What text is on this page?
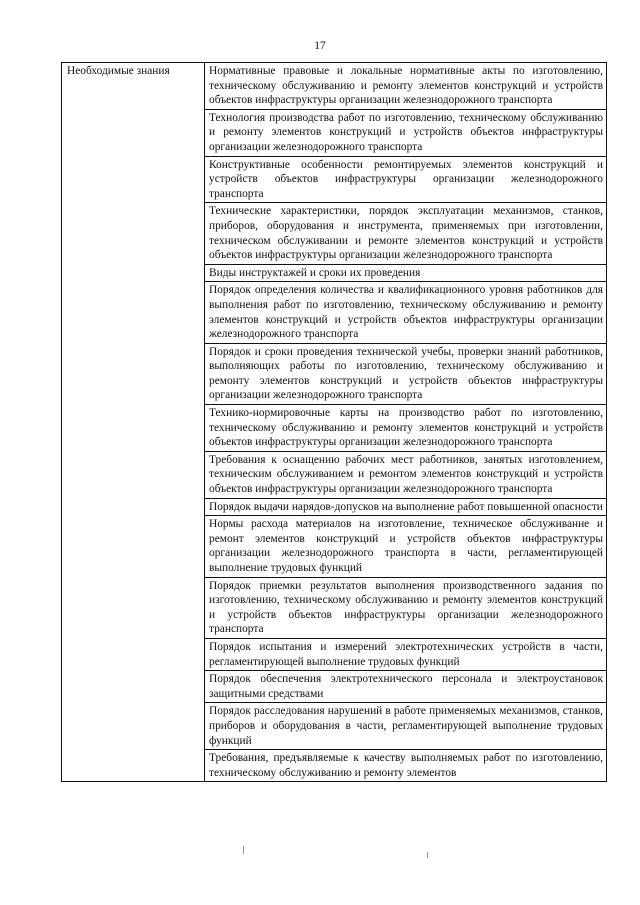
17
Необходимые знания	Нормативные правовые и локальные нормативные акты по изготовлению, техническому обслуживанию и ремонту элементов конструкций и устройств объектов инфраструктуры организации железнодорожного транспорта
Технология производства работ по изготовлению, техническому обслуживанию и ремонту элементов конструкций и устройств объектов инфраструктуры организации железнодорожного транспорта
Конструктивные особенности ремонтируемых элементов конструкций и устройств объектов инфраструктуры организации железнодорожного транспорта
Технические характеристики, порядок эксплуатации механизмов, станков, приборов, оборудования и инструмента, применяемых при изготовлении, техническом обслуживании и ремонте элементов конструкций и устройств объектов инфраструктуры организации железнодорожного транспорта
Виды инструктажей и сроки их проведения
Порядок определения количества и квалификационного уровня работников для выполнения работ по изготовлению, техническому обслуживанию и ремонту элементов конструкций и устройств объектов инфраструктуры организации железнодорожного транспорта
Порядок и сроки проведения технической учебы, проверки знаний работников, выполняющих работы по изготовлению, техническому обслуживанию и ремонту элементов конструкций и устройств объектов инфраструктуры организации железнодорожного транспорта
Технико-нормировочные карты на производство работ по изготовлению, техническому обслуживанию и ремонту элементов конструкций и устройств объектов инфраструктуры организации железнодорожного транспорта
Требования к оснащению рабочих мест работников, занятых изготовлением, техническим обслуживанием и ремонтом элементов конструкций и устройств объектов инфраструктуры организации железнодорожного транспорта
Порядок выдачи нарядов-допусков на выполнение работ повышенной опасности
Нормы расхода материалов на изготовление, техническое обслуживание и ремонт элементов конструкций и устройств объектов инфраструктуры организации железнодорожного транспорта в части, регламентирующей выполнение трудовых функций
Порядок приемки результатов выполнения производственного задания по изготовлению, техническому обслуживанию и ремонту элементов конструкций и устройств объектов инфраструктуры организации железнодорожного транспорта
Порядок испытания и измерений электротехнических устройств в части, регламентирующей выполнение трудовых функций
Порядок обеспечения электротехнического персонала и электроустановок защитными средствами
Порядок расследования нарушений в работе применяемых механизмов, станков, приборов и оборудования в части, регламентирующей выполнение трудовых функций

Требования, предъявляемые к качеству выполняемых работ по изготовлению, техническому обслуживанию и ремонту элементов
